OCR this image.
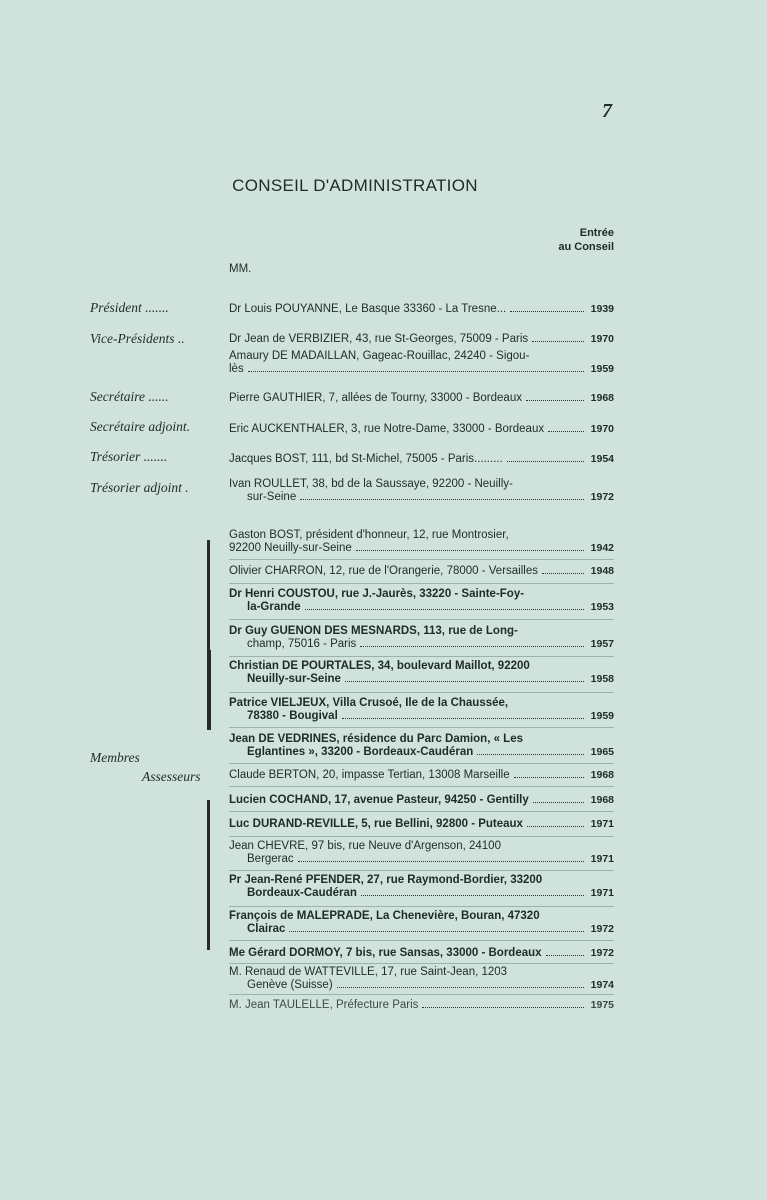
7
CONSEIL D'ADMINISTRATION
Entrée
au Conseil
MM.
Président .......	Dr Louis POUYANNE, Le Basque 33360 - La Tresne...	1939
Vice-Présidents ..	Dr Jean de VERBIZIER, 43, rue St-Georges, 75009 - Paris	1970
Amaury DE MADAILLAN, Gageac-Rouillac, 24240 - Sigou-
lès	1959
Secrétaire ......	Pierre GAUTHIER, 7, allées de Tourny, 33000 - Bordeaux	1968
Secrétaire adjoint.	Eric AUCKENTHALER, 3, rue Notre-Dame, 33000 - Bordeaux	1970
Trésorier .......	Jacques BOST, 111, bd St-Michel, 75005 - Paris.........	1954
Trésorier adjoint .	Ivan ROULLET, 38, bd de la Saussaye, 92200 - Neuilly-
sur-Seine	1972
Membres
Assesseurs
Gaston BOST, président d'honneur, 12, rue Montrosier,
92200 Neuilly-sur-Seine	1942
Olivier CHARRON, 12, rue de l'Orangerie, 78000 - Versailles	1948
Dr Henri COUSTOU, rue J.-Jaurès, 33220 - Sainte-Foy-
la-Grande	1953
Dr Guy GUENON DES MESNARDS, 113, rue de Long-
champ, 75016 - Paris	1957
Christian DE POURTALES, 34, boulevard Maillot, 92200
Neuilly-sur-Seine	1958
Patrice VIELJEUX, Villa Crusoé, Ile de la Chaussée,
78380 - Bougival	1959
Jean DE VEDRINES, résidence du Parc Damion, « Les
Eglantines », 33200 - Bordeaux-Caudéran	1965
Claude BERTON, 20, impasse Tertian, 13008 Marseille	1968
Lucien COCHAND, 17, avenue Pasteur, 94250 - Gentilly	1968
Luc DURAND-REVILLE, 5, rue Bellini, 92800 - Puteaux	1971
Jean CHEVRE, 97 bis, rue Neuve d'Argenson, 24100
Bergerac	1971
Pr Jean-René PFENDER, 27, rue Raymond-Bordier, 33200
Bordeaux-Caudéran	1971
François de MALEPRADE, La Chenevière, Bouran, 47320
Clairac	1972
Me Gérard DORMOY, 7 bis, rue Sansas, 33000 - Bordeaux	1972
M. Renaud de WATTEVILLE, 17, rue Saint-Jean, 1203
Genève (Suisse)	1974
M. Jean TAULELLE, Préfecture Paris	1975
